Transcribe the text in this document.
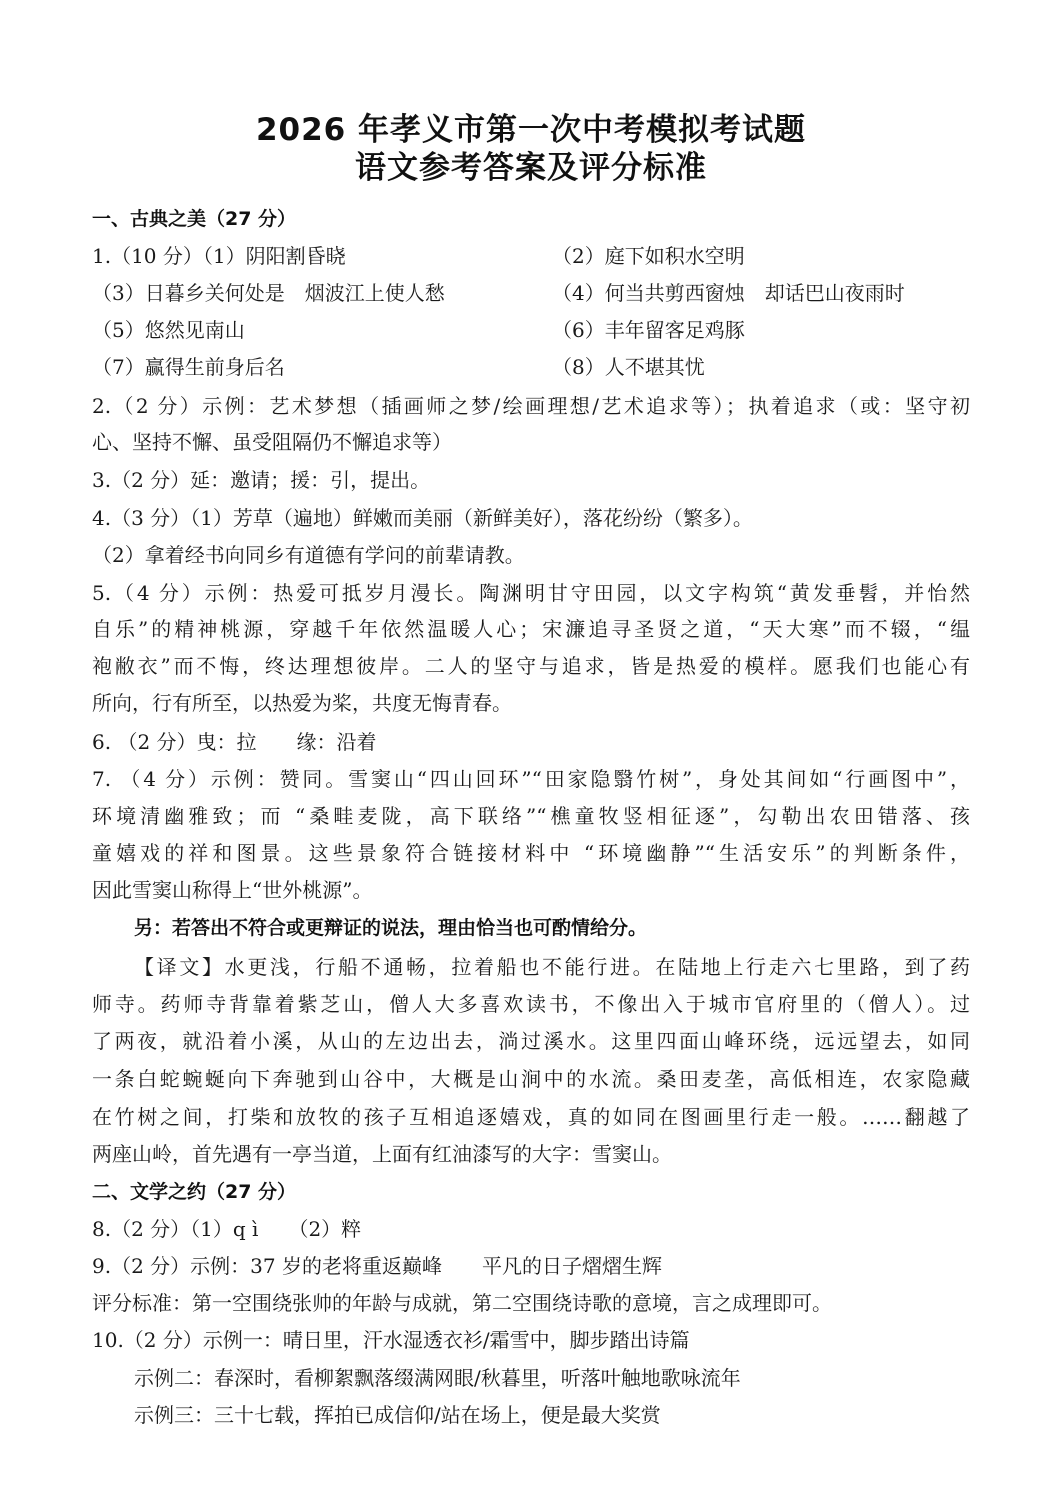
2026 年孝义市第一次中考模拟考试题
语文参考答案及评分标准
一、古典之美（27 分）
1.（10 分）（1）阴阳割昏晓	（2）庭下如积水空明
（3）日暮乡关何处是　烟波江上使人愁	（4）何当共剪西窗烛　却话巴山夜雨时
（5）悠然见南山	（6）丰年留客足鸡豚
（7）赢得生前身后名	（8）人不堪其忧
2.（2 分）示例：艺术梦想（插画师之梦/绘画理想/艺术追求等）；执着追求（或：坚守初
心、坚持不懈、虽受阻隔仍不懈追求等）
3.（2 分）延：邀请；援：引，提出。
4.（3 分）（1）芳草（遍地）鲜嫩而美丽（新鲜美好），落花纷纷（繁多）。
（2）拿着经书向同乡有道德有学问的前辈请教。
5.（4 分）示例：热爱可抵岁月漫长。陶渊明甘守田园，以文字构筑“黄发垂髫，并怡然
自乐”的精神桃源，穿越千年依然温暖人心；宋濂追寻圣贤之道，“天大寒”而不辍，“缊
袍敝衣”而不悔，终达理想彼岸。二人的坚守与追求，皆是热爱的模样。愿我们也能心有
所向，行有所至，以热爱为桨，共度无悔青春。
6. （2 分）曳：拉　　缘：沿着
7. （4 分）示例：赞同。雪窦山“四山回环”“田家隐翳竹树”，身处其间如“行画图中”，
环境清幽雅致；而 “桑畦麦陇，高下联络”“樵童牧竖相征逐”，勾勒出农田错落、孩
童嬉戏的祥和图景。这些景象符合链接材料中 “环境幽静”“生活安乐”的判断条件，
因此雪窦山称得上“世外桃源”。
另：若答出不符合或更辩证的说法，理由恰当也可酌情给分。
【译文】水更浅，行船不通畅，拉着船也不能行进。在陆地上行走六七里路，到了药
师寺。药师寺背靠着紫芝山，僧人大多喜欢读书，不像出入于城市官府里的（僧人）。过
了两夜，就沿着小溪，从山的左边出去，淌过溪水。这里四面山峰环绕，远远望去，如同
一条白蛇蜿蜒向下奔驰到山谷中，大概是山涧中的水流。桑田麦垄，高低相连，农家隐藏
在竹树之间，打柴和放牧的孩子互相追逐嬉戏，真的如同在图画里行走一般。……翻越了
两座山岭，首先遇有一亭当道，上面有红油漆写的大字：雪窦山。
二、文学之约（27 分）
8.（2 分）（1）q ì　　（2）粹
9.（2 分）示例：37 岁的老将重返巅峰　　平凡的日子熠熠生辉
评分标准：第一空围绕张帅的年龄与成就，第二空围绕诗歌的意境，言之成理即可。
10.（2 分）示例一：晴日里，汗水湿透衣衫/霜雪中，脚步踏出诗篇
示例二：春深时，看柳絮飘落缀满网眼/秋暮里，听落叶触地歌咏流年
示例三：三十七载，挥拍已成信仰/站在场上，便是最大奖赏
